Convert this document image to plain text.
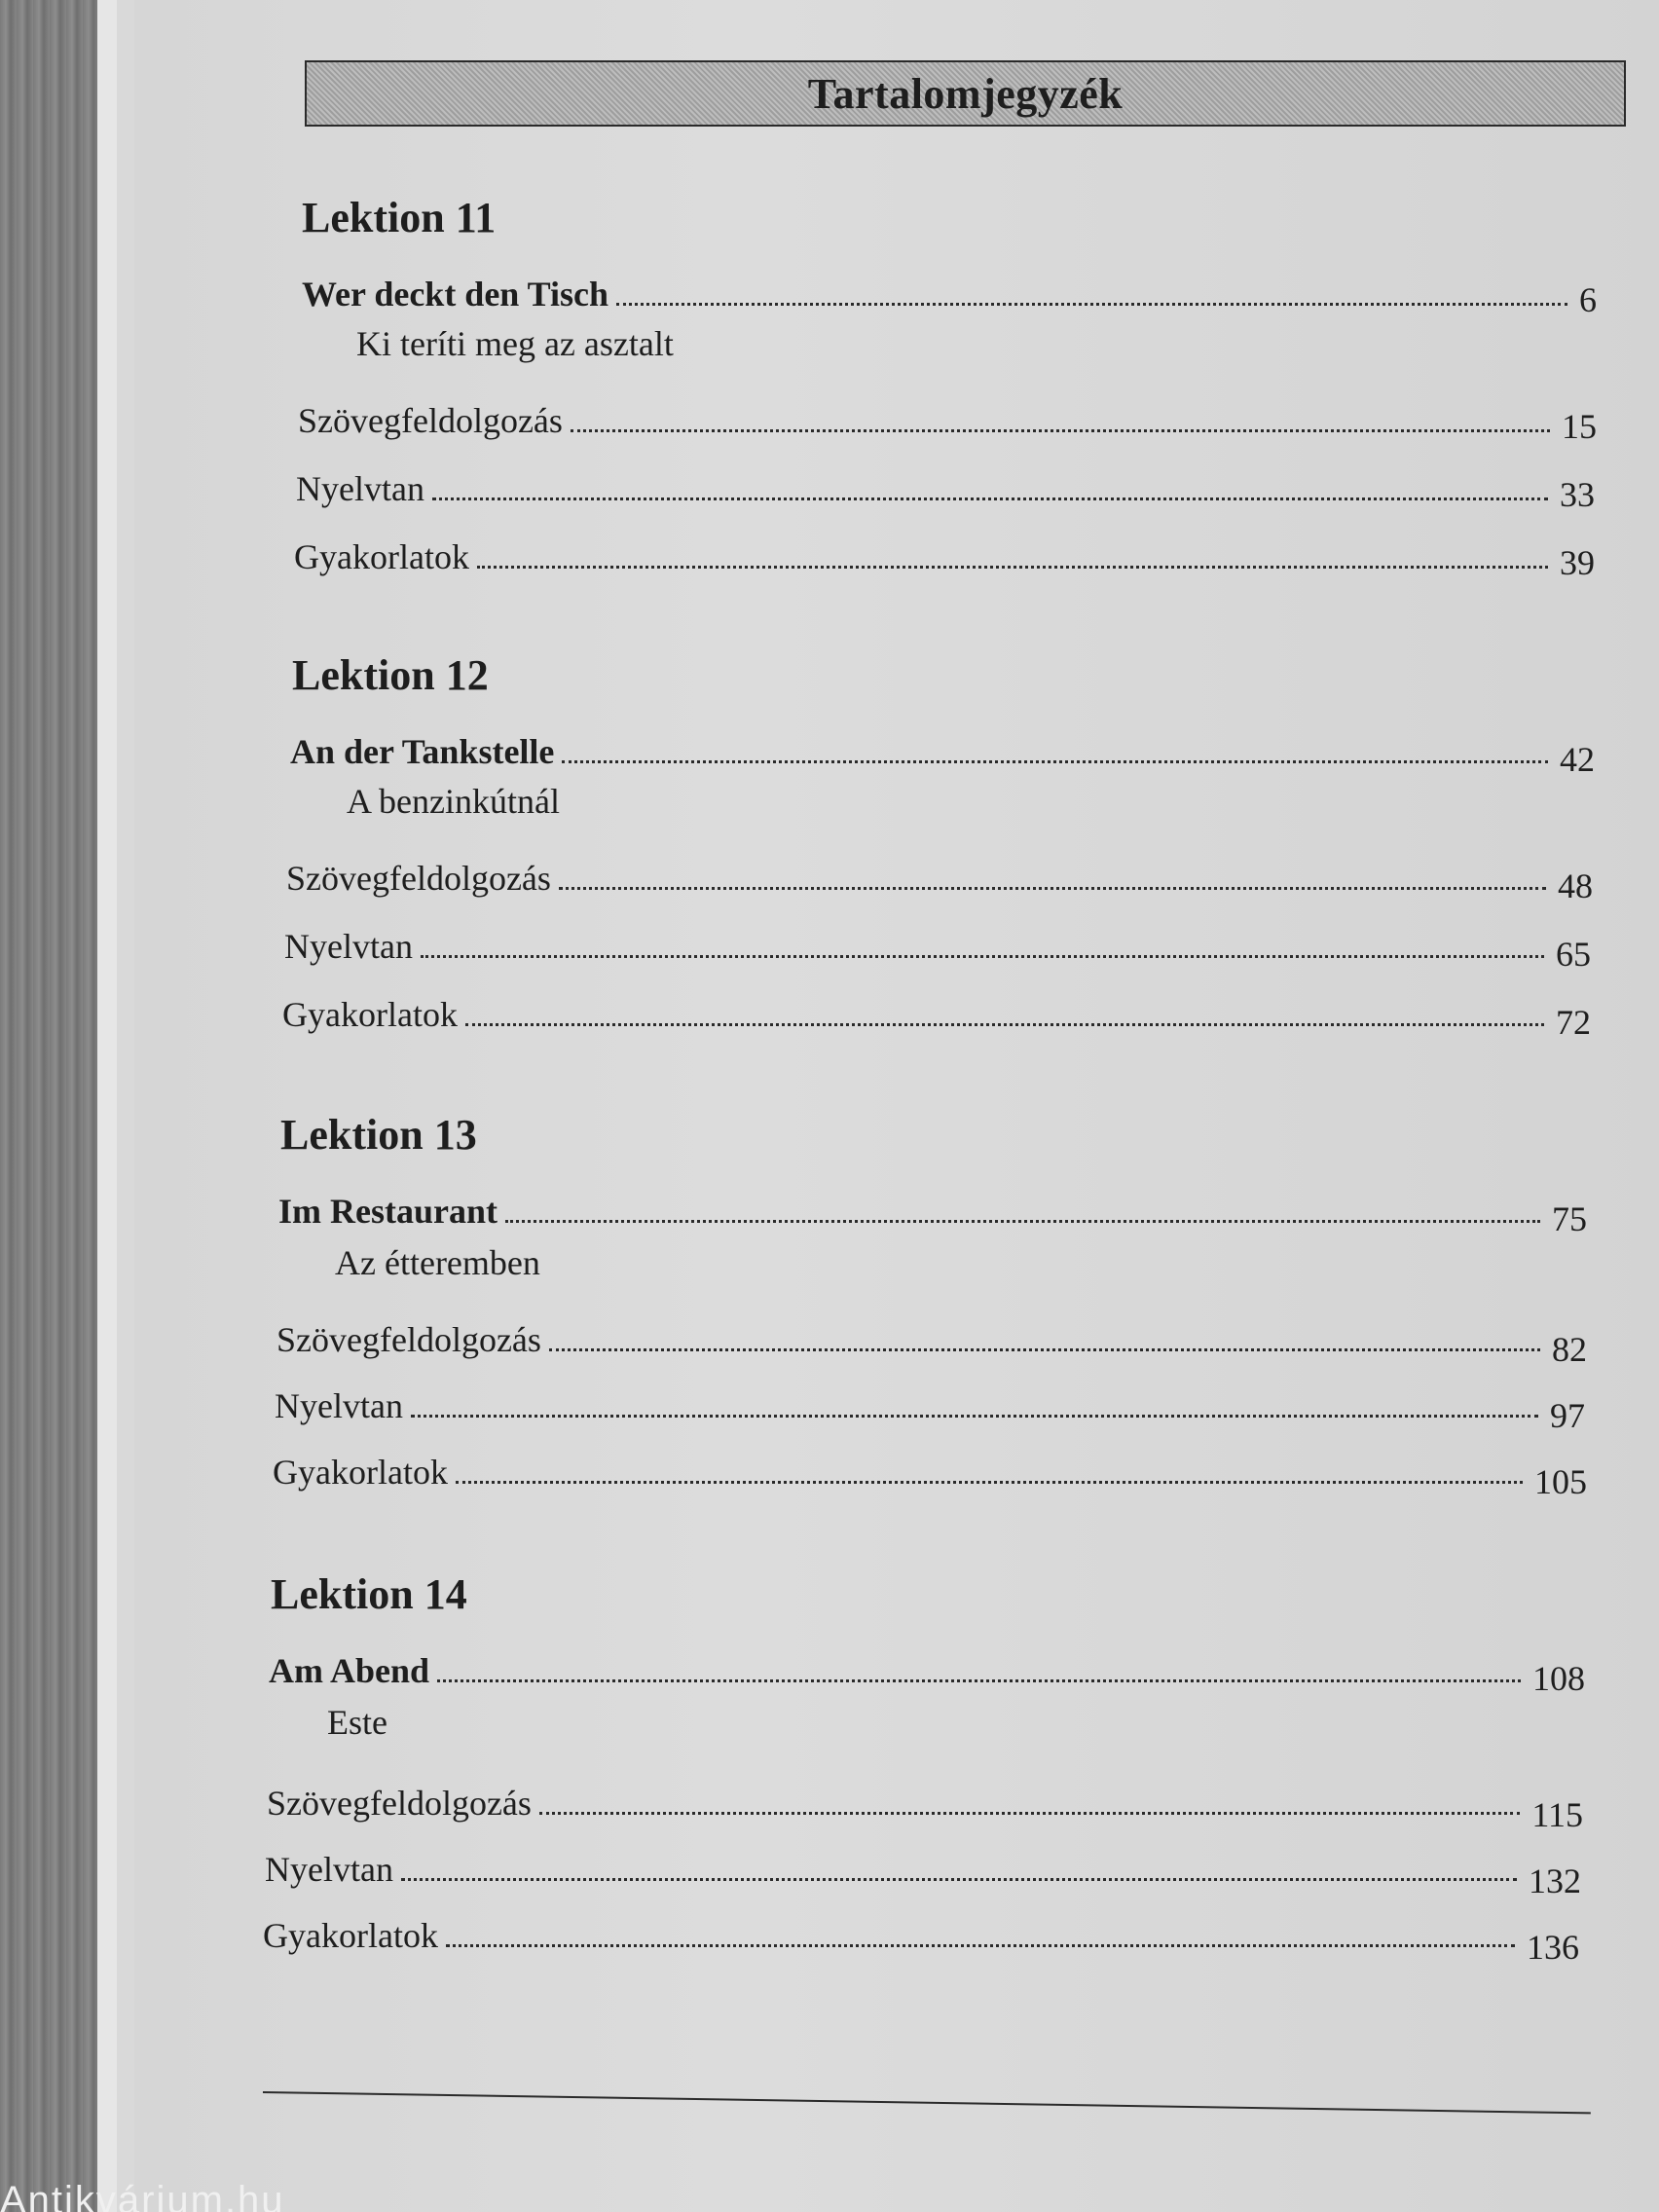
Tartalomjegyzék
Lektion 11
Wer deckt den Tisch	6
Ki teríti meg az asztalt
Szövegfeldolgozás	15
Nyelvtan	33
Gyakorlatok	39
Lektion 12
An der Tankstelle	42
A benzinkútnál
Szövegfeldolgozás	48
Nyelvtan	65
Gyakorlatok	72
Lektion 13
Im Restaurant	75
Az étteremben
Szövegfeldolgozás	82
Nyelvtan	97
Gyakorlatok	105
Lektion 14
Am Abend	108
Este
Szövegfeldolgozás	115
Nyelvtan	132
Gyakorlatok	136
Antikvárium.hu
